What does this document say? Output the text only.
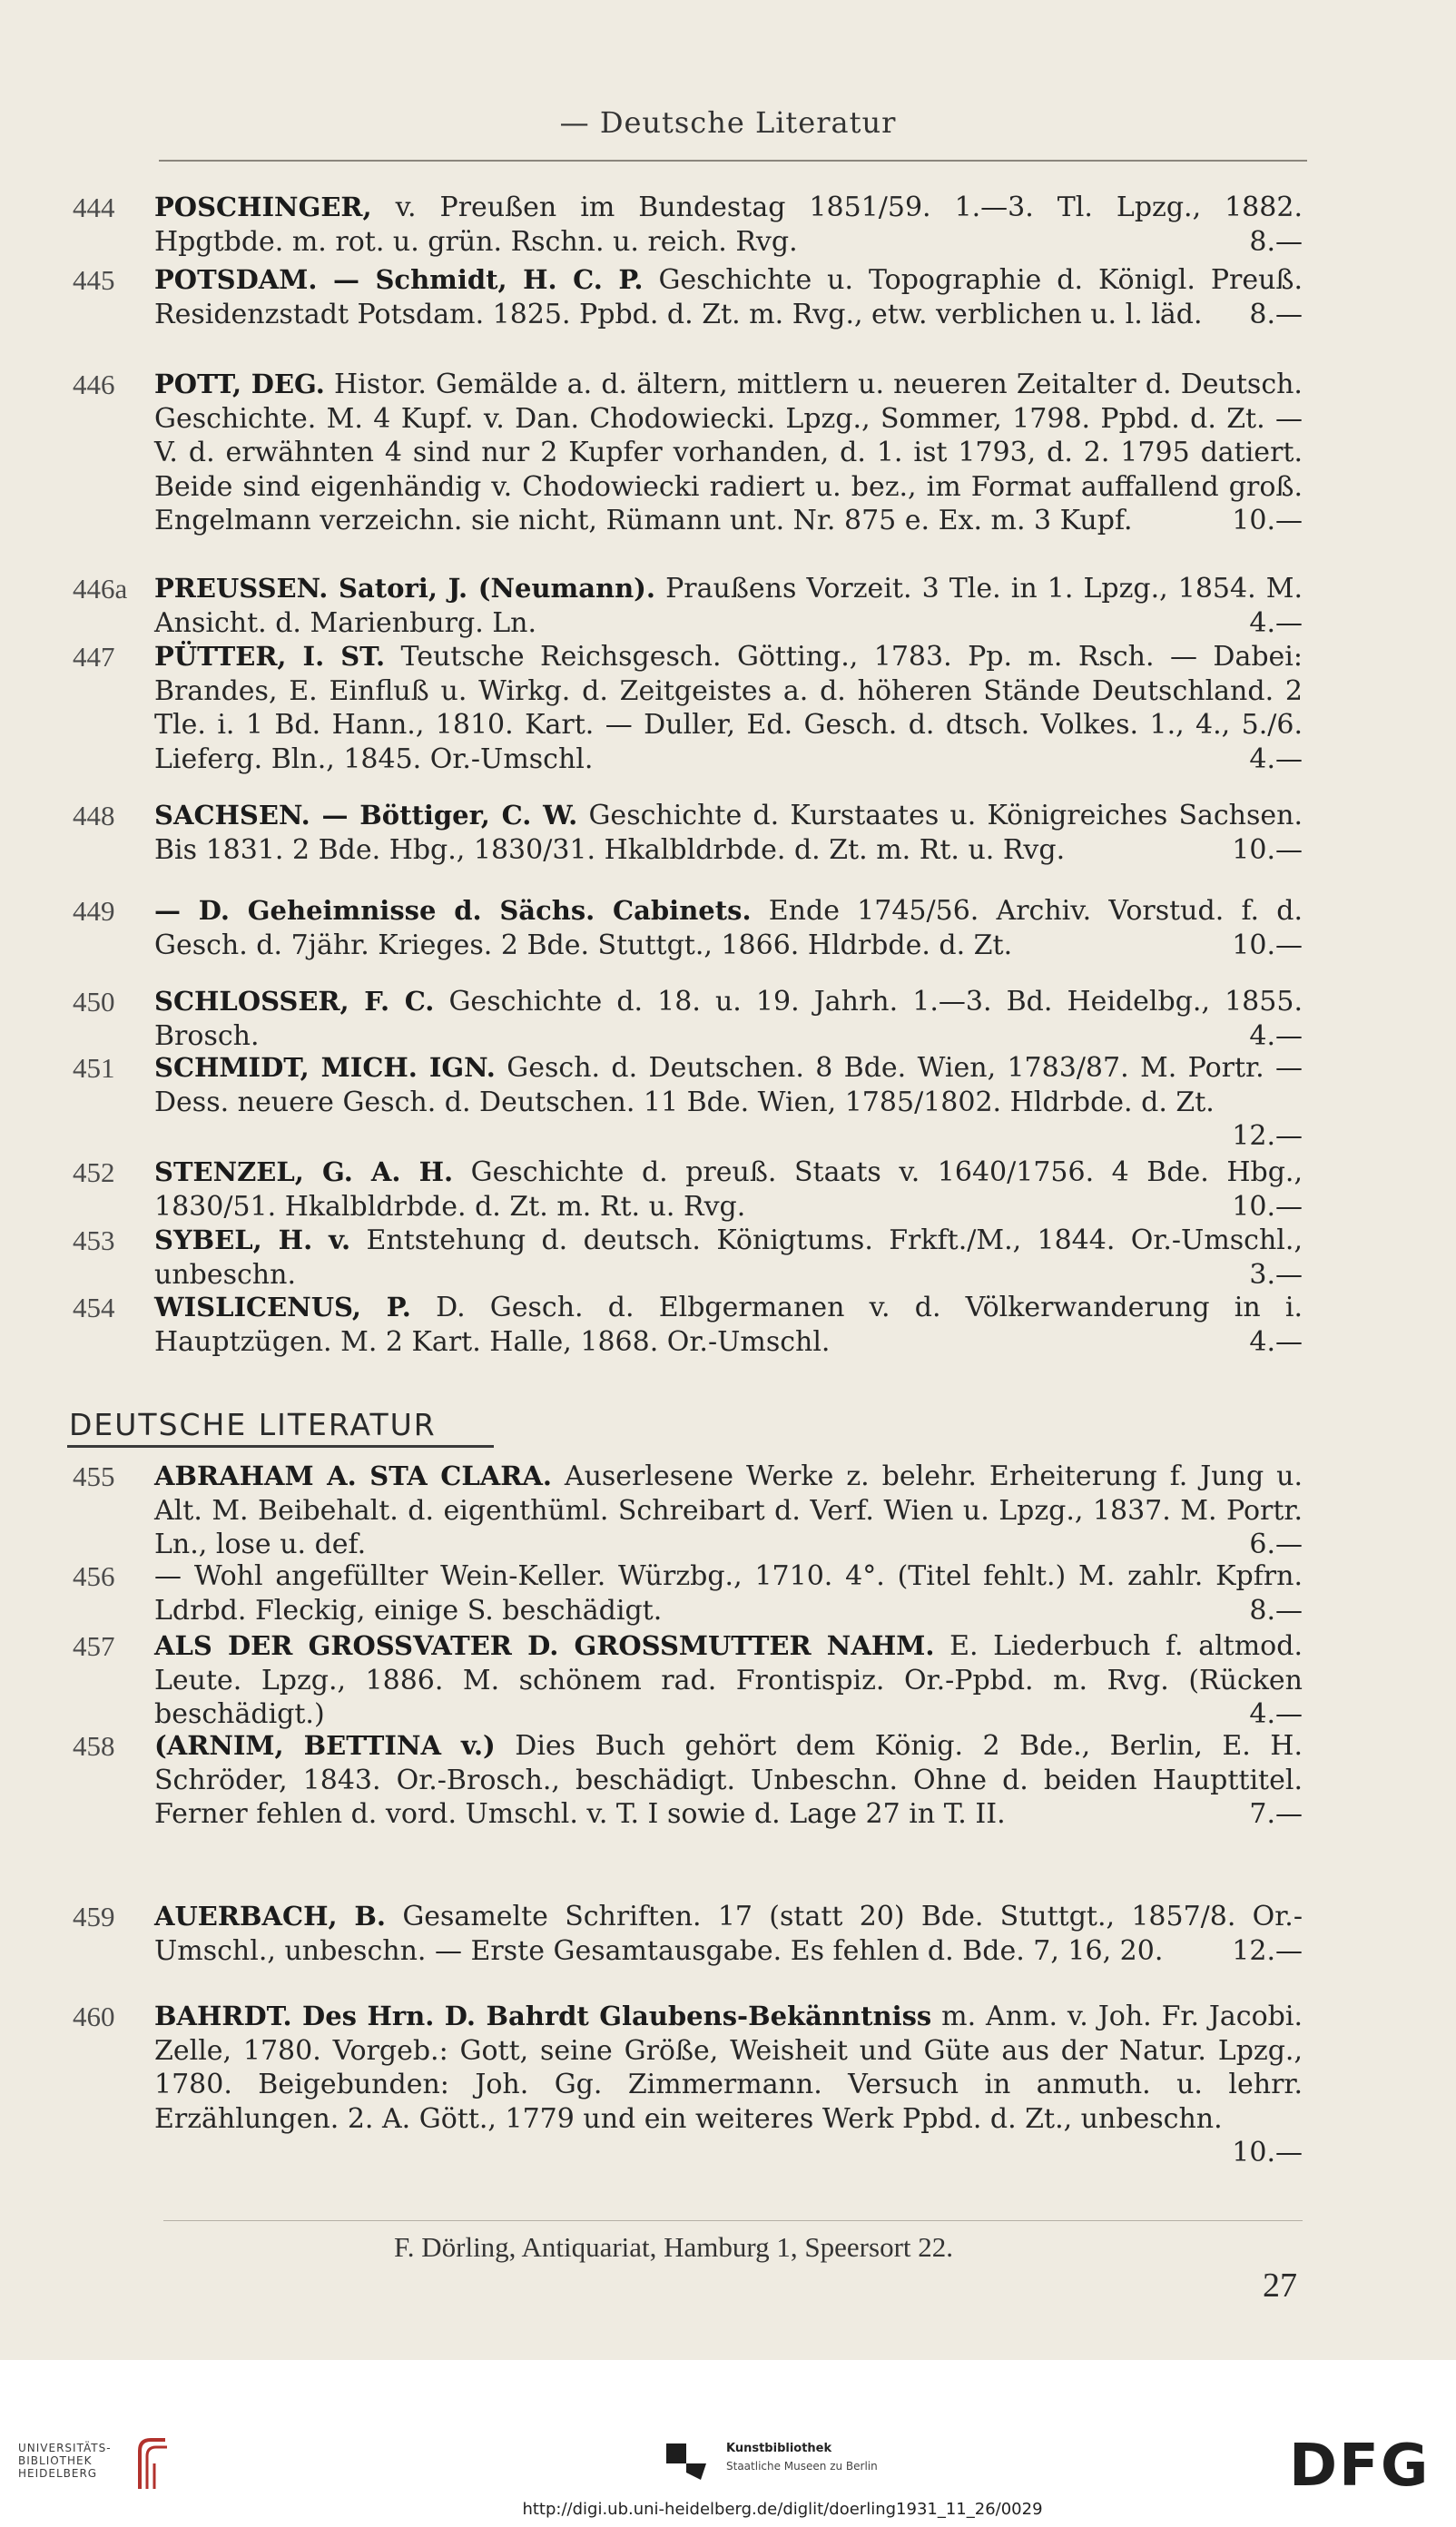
— Deutsche Literatur
444	POSCHINGER, v. Preußen im Bundestag 1851/59. 1.—3. Tl. Lpzg., 1882. Hpgtbde. m. rot. u. grün. Rschn. u. reich. Rvg.	8.—
445	POTSDAM. — Schmidt, H. C. P. Geschichte u. Topographie d. Königl. Preuß. Residenzstadt Potsdam. 1825. Ppbd. d. Zt. m. Rvg., etw. verblichen u. l. läd. 8.—
446	POTT, DEG. Histor. Gemälde a. d. ältern, mittlern u. neueren Zeitalter d. Deutsch. Geschichte. M. 4 Kupf. v. Dan. Chodowiecki. Lpzg., Sommer, 1798. Ppbd. d. Zt. — V. d. erwähnten 4 sind nur 2 Kupfer vorhanden, d. 1. ist 1793, d. 2. 1795 datiert. Beide sind eigenhändig v. Chodowiecki radiert u. bez., im Format auffallend groß. Engelmann verzeichn. sie nicht, Rümann unt. Nr. 875 e. Ex. m. 3 Kupf.	10.—
446a	PREUSSEN. Satori, J. (Neumann). Praußens Vorzeit. 3 Tle. in 1. Lpzg., 1854. M. Ansicht. d. Marienburg. Ln.	4.—
447	PÜTTER, I. ST. Teutsche Reichsgesch. Götting., 1783. Pp. m. Rsch. — Dabei: Brandes, E. Einfluß u. Wirkg. d. Zeitgeistes a. d. höheren Stände Deutschland. 2 Tle. i. 1 Bd. Hann., 1810. Kart. — Duller, Ed. Gesch. d. dtsch. Volkes. 1., 4., 5./6. Lieferg. Bln., 1845. Or.-Umschl.	4.—
448	SACHSEN. — Böttiger, C. W. Geschichte d. Kurstaates u. Königreiches Sachsen. Bis 1831. 2 Bde. Hbg., 1830/31. Hkalbldrbde. d. Zt. m. Rt. u. Rvg.	10.—
449	— D. Geheimnisse d. Sächs. Cabinets. Ende 1745/56. Archiv. Vorstud. f. d. Gesch. d. 7jähr. Krieges. 2 Bde. Stuttgt., 1866. Hldrbde. d. Zt.	10.—
450	SCHLOSSER, F. C. Geschichte d. 18. u. 19. Jahrh. 1.—3. Bd. Heidelbg., 1855. Brosch.	4.—
451	SCHMIDT, MICH. IGN. Gesch. d. Deutschen. 8 Bde. Wien, 1783/87. M. Portr. — Dess. neuere Gesch. d. Deutschen. 11 Bde. Wien, 1785/1802. Hldrbde. d. Zt.
12.—
452	STENZEL, G. A. H. Geschichte d. preuß. Staats v. 1640/1756. 4 Bde. Hbg., 1830/51. Hkalbldrbde. d. Zt. m. Rt. u. Rvg.	10.—
453	SYBEL, H. v. Entstehung d. deutsch. Königtums. Frkft./M., 1844. Or.-Umschl., unbeschn.	3.—
454	WISLICENUS, P. D. Gesch. d. Elbgermanen v. d. Völkerwanderung in i. Hauptzügen. M. 2 Kart. Halle, 1868. Or.-Umschl.	4.—
DEUTSCHE LITERATUR
455	ABRAHAM A. STA CLARA. Auserlesene Werke z. belehr. Erheiterung f. Jung u. Alt. M. Beibehalt. d. eigenthüml. Schreibart d. Verf. Wien u. Lpzg., 1837. M. Portr. Ln., lose u. def.	6.—
456	— Wohl angefüllter Wein-Keller. Würzbg., 1710. 4°. (Titel fehlt.) M. zahlr. Kpfrn. Ldrbd. Fleckig, einige S. beschädigt.	8.—
457	ALS DER GROSSVATER D. GROSSMUTTER NAHM. E. Liederbuch f. altmod. Leute. Lpzg., 1886. M. schönem rad. Frontispiz. Or.-Ppbd. m. Rvg. (Rücken beschädigt.)	4.—
458	(ARNIM, BETTINA v.) Dies Buch gehört dem König. 2 Bde., Berlin, E. H. Schröder, 1843. Or.-Brosch., beschädigt. Unbeschn. Ohne d. beiden Haupttitel. Ferner fehlen d. vord. Umschl. v. T. I sowie d. Lage 27 in T. II.	7.—
459	AUERBACH, B. Gesamelte Schriften. 17 (statt 20) Bde. Stuttgt., 1857/8. Or.-Umschl., unbeschn. — Erste Gesamtausgabe. Es fehlen d. Bde. 7, 16, 20.	12.—
460	BAHRDT. Des Hrn. D. Bahrdt Glaubens-Bekänntniss m. Anm. v. Joh. Fr. Jacobi. Zelle, 1780. Vorgeb.: Gott, seine Größe, Weisheit und Güte aus der Natur. Lpzg., 1780. Beigebunden: Joh. Gg. Zimmermann. Versuch in anmuth. u. lehrr. Erzählungen. 2. A. Gött., 1779 und ein weiteres Werk Ppbd. d. Zt., unbeschn.
10.—
F. Dörling, Antiquariat, Hamburg 1, Speersort 22.
27
UNIVERSITÄTS-
BIBLIOTHEK
HEIDELBERG
Kunstbibliothek
Staatliche Museen zu Berlin	DFG
http://digi.ub.uni-heidelberg.de/diglit/doerling1931_11_26/0029
